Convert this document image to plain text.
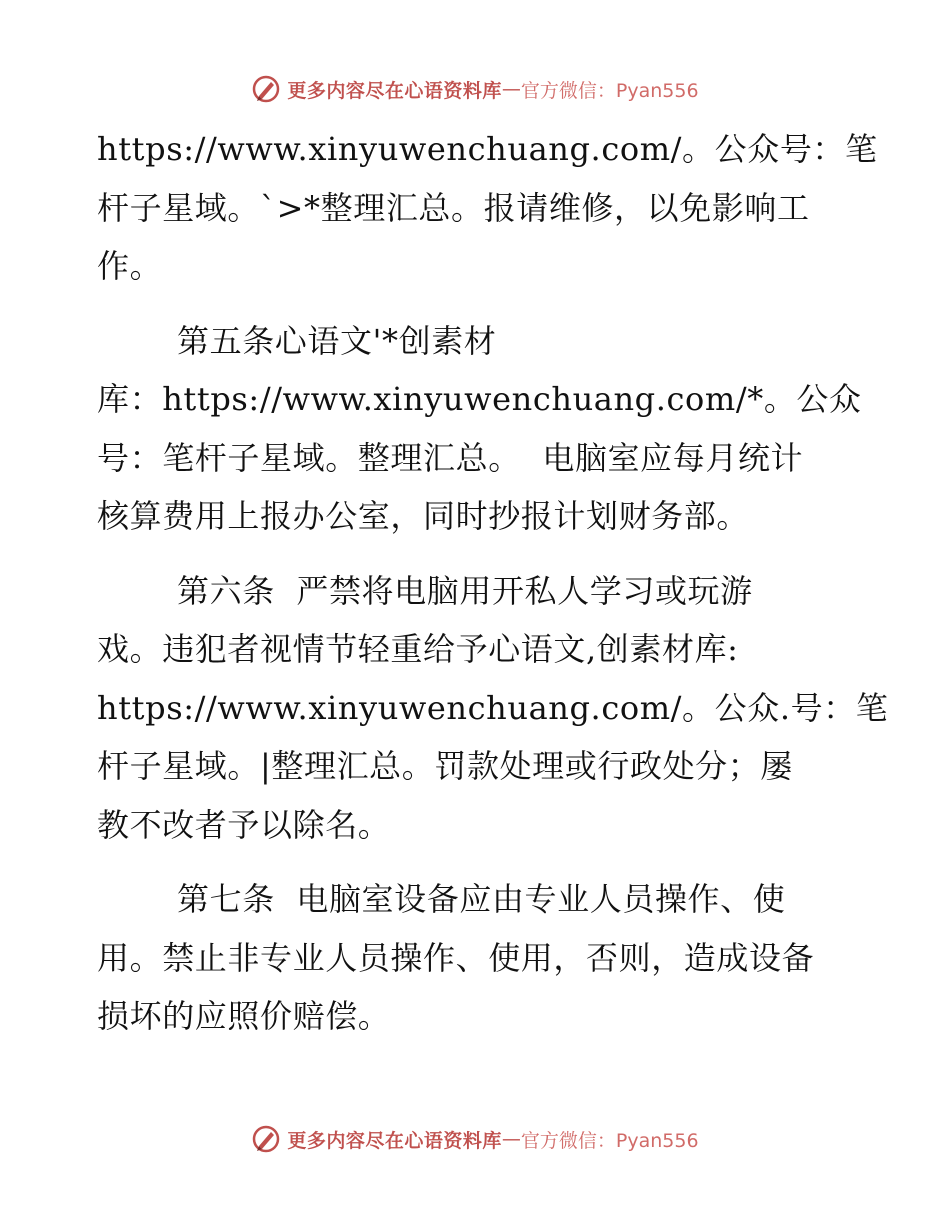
更多内容尽在心语资料库 — 官方微信：Pyan556
https://www.xinyuwenchuang.com/。公众号：笔
杆子星域。`>*整理汇总。报请维修，以免影响工
作。
第五条心语文'*创素材
库：https://www.xinyuwenchuang.com/*。公众
号：笔杆子星域。整理汇总。  电脑室应每月统计
核算费用上报办公室，同时抄报计划财务部。
第六条  严禁将电脑用开私人学习或玩游
戏。违犯者视情节轻重给予心语文,创素材库:
https://www.xinyuwenchuang.com/。公众.号：笔
杆子星域。|整理汇总。罚款处理或行政处分；屡
教不改者予以除名。
第七条  电脑室设备应由专业人员操作、使
用。禁止非专业人员操作、使用，否则，造成设备
损坏的应照价赔偿。
更多内容尽在心语资料库 — 官方微信：Pyan556
